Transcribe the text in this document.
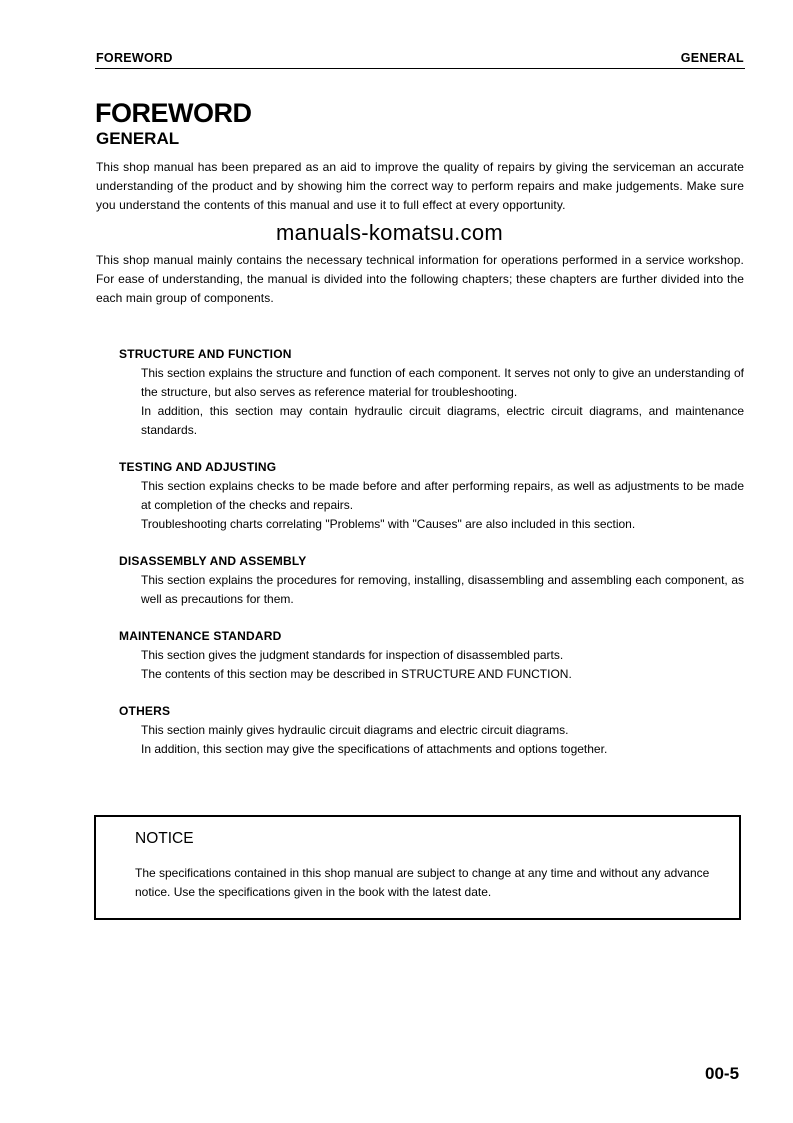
FOREWORD	GENERAL
FOREWORD
GENERAL

This shop manual has been prepared as an aid to improve the quality of repairs by giving the serviceman an accurate understanding of the product and by showing him the correct way to perform repairs and make judgements. Make sure you understand the contents of this manual and use it to full effect at every opportunity.

manuals-komatsu.com

This shop manual mainly contains the necessary technical information for operations performed in a service workshop. For ease of understanding, the manual is divided into the following chapters; these chapters are further divided into the each main group of components.

STRUCTURE AND FUNCTION

This section explains the structure and function of each component. It serves not only to give an understanding of the structure, but also serves as reference material for troubleshooting.

In addition, this section may contain hydraulic circuit diagrams, electric circuit diagrams, and maintenance standards.

TESTING AND ADJUSTING

This section explains checks to be made before and after performing repairs, as well as adjustments to be made at completion of the checks and repairs.

Troubleshooting charts correlating "Problems" with "Causes" are also included in this section.

DISASSEMBLY AND ASSEMBLY

This section explains the procedures for removing, installing, disassembling and assembling each component, as well as precautions for them.

MAINTENANCE STANDARD

This section gives the judgment standards for inspection of disassembled parts.

The contents of this section may be described in STRUCTURE AND FUNCTION.

OTHERS

This section mainly gives hydraulic circuit diagrams and electric circuit diagrams.

In addition, this section may give the specifications of attachments and options together.

NOTICE

The specifications contained in this shop manual are subject to change at any time and without any advance notice. Use the specifications given in the book with the latest date.

00-5
